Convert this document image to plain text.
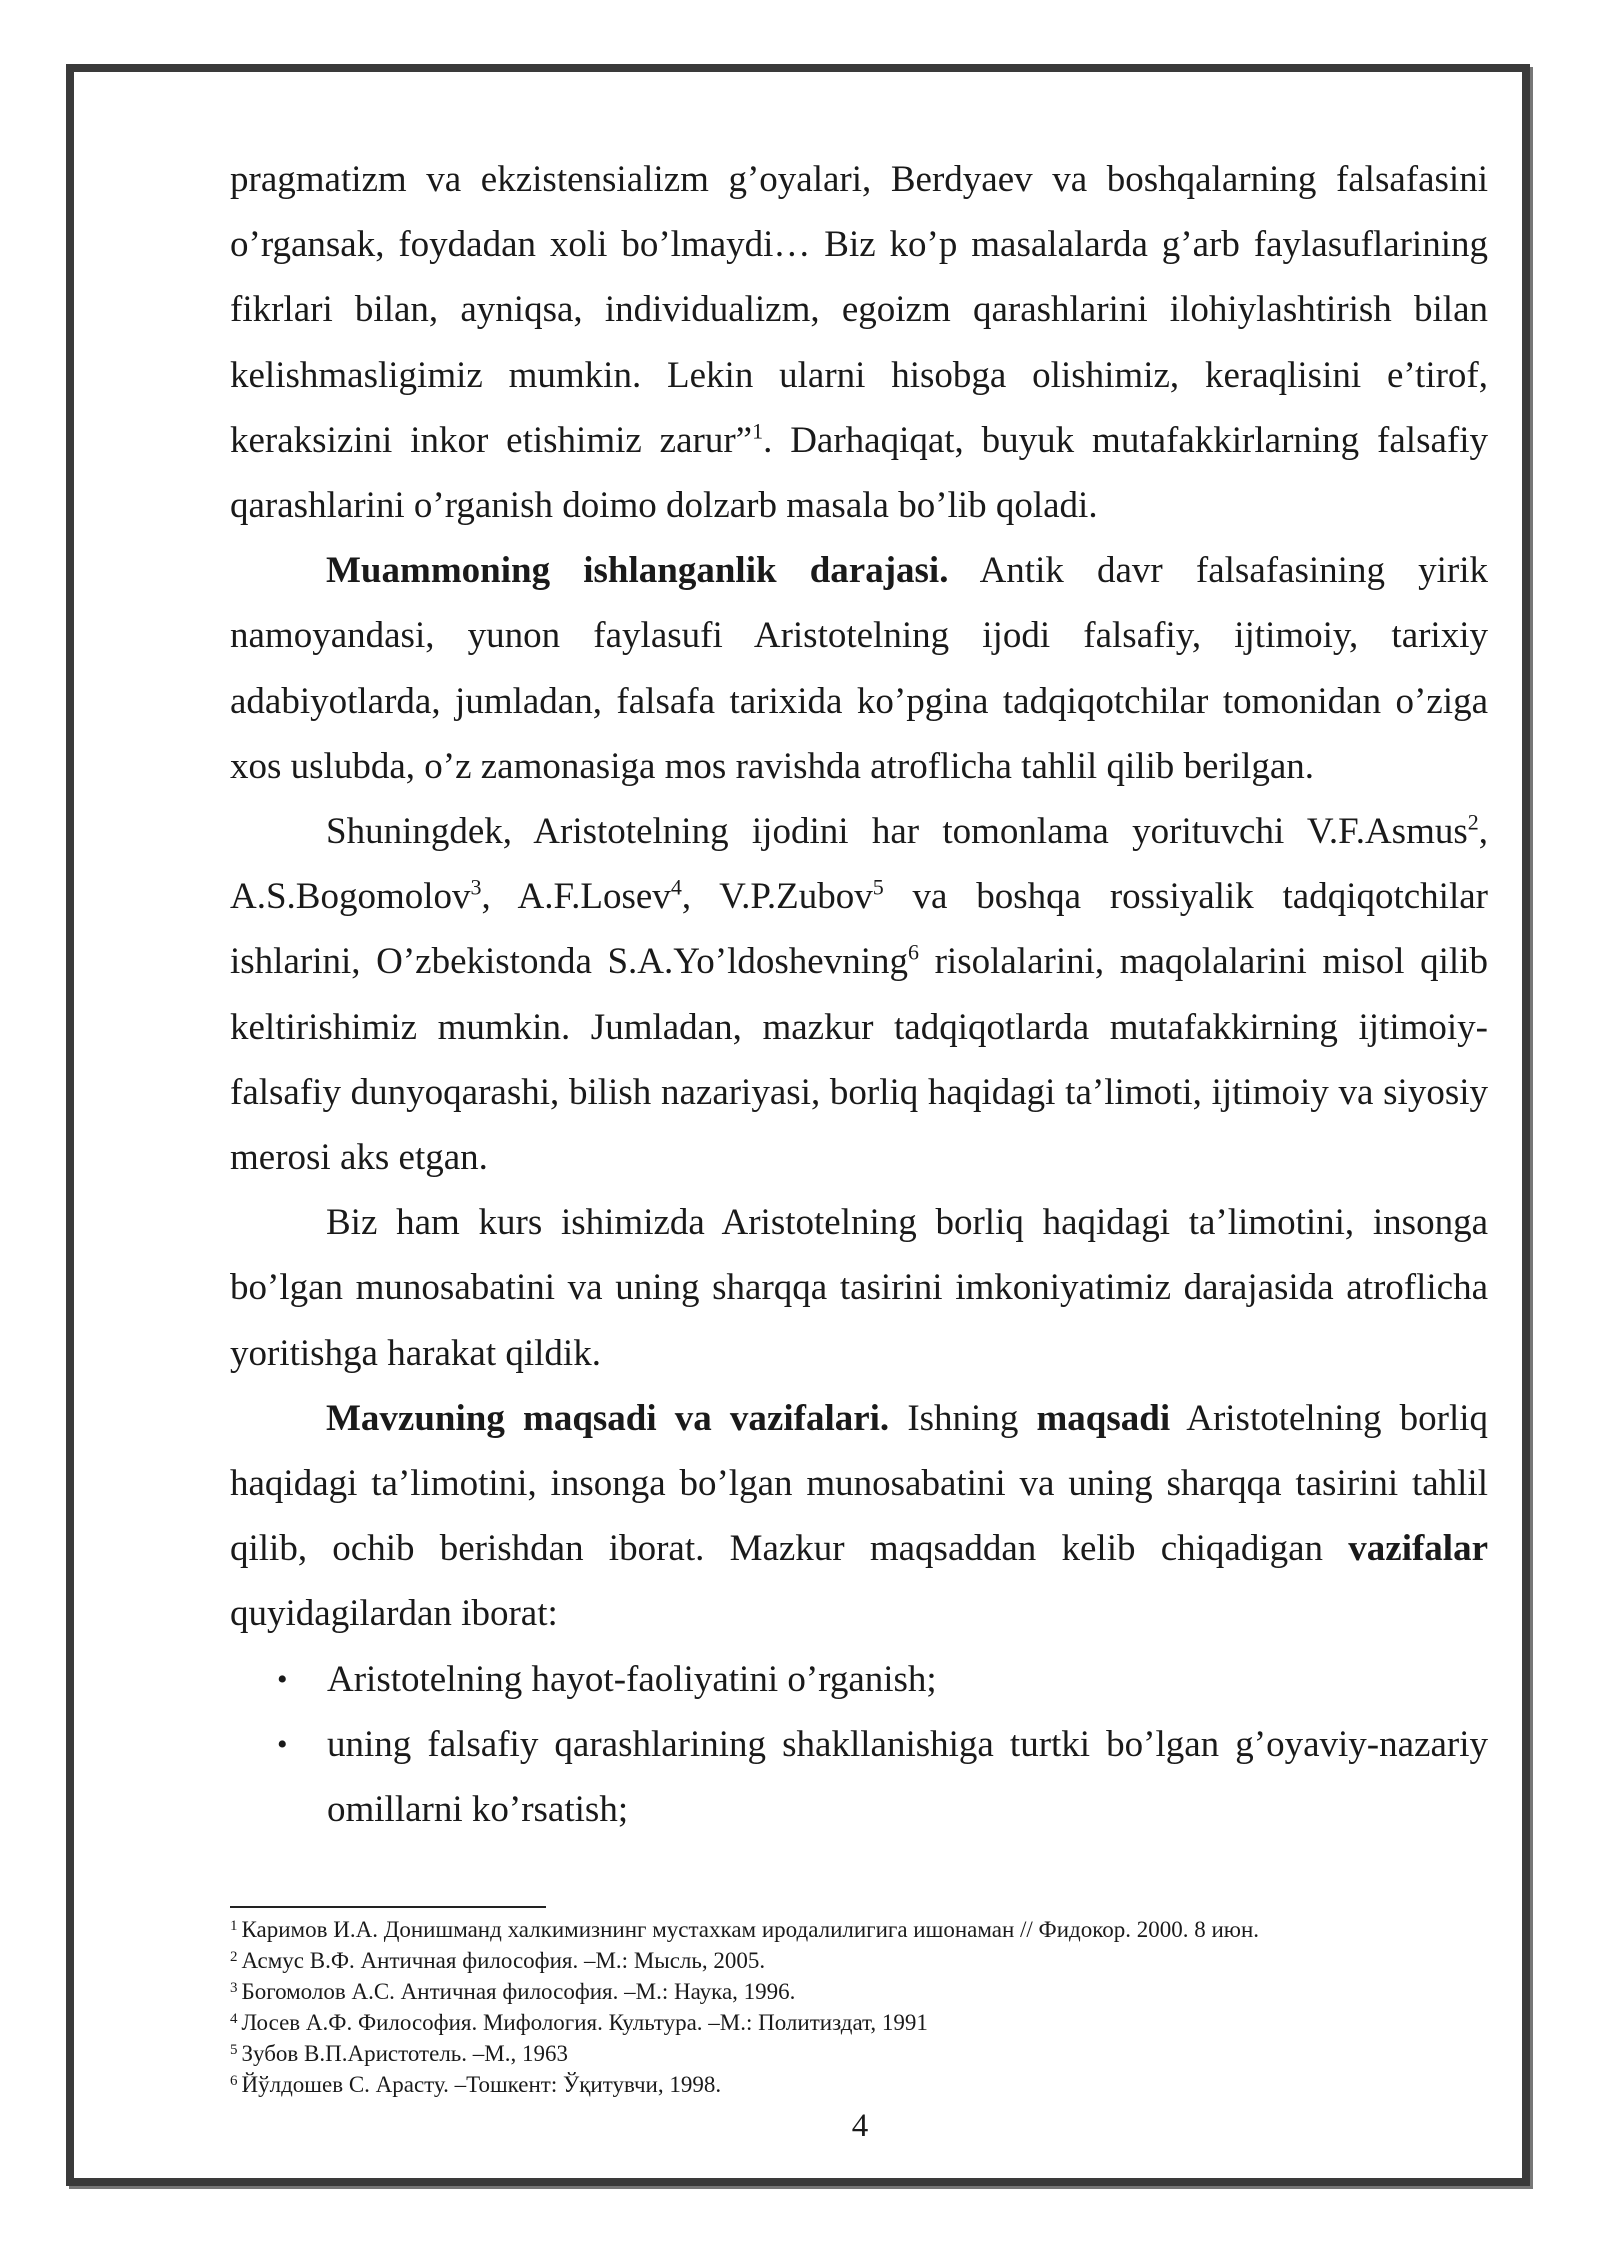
pragmatizm va ekzistensializm g’oyalari, Berdyaev va boshqalarning falsafasini o’rgansak, foydadan xoli bo’lmaydi… Biz ko’p masalalarda g’arb faylasuflarining fikrlari bilan, ayniqsa, individualizm, egoizm qarashlarini ilohiylashtirish bilan kelishmasligimiz mumkin. Lekin ularni hisobga olishimiz, keraqlisini e’tirof, keraksizini inkor etishimiz zarur”$^1$. Darhaqiqat, buyuk mutafakkirlarning falsafiy qarashlarini o’rganish doimo dolzarb masala bo’lib qoladi.

Muammoning ishlanganlik darajasi. Antik davr falsafasining yirik namoyandasi, yunon faylasufi Aristotelning ijodi falsafiy, ijtimoiy, tarixiy adabiyotlarda, jumladan, falsafa tarixida ko’pgina tadqiqotchilar tomonidan o’ziga xos uslubda, o’z zamonasiga mos ravishda atroflicha tahlil qilib berilgan.

Shuningdek, Aristotelning ijodini har tomonlama yorituvchi V.F.Asmus$^2$, A.S.Bogomolov$^3$, A.F.Losev$^4$, V.P.Zubov$^5$ va boshqa rossiyalik tadqiqotchilar ishlarini, O’zbekistonda S.A.Yo’ldoshevning$^6$ risolalarini, maqolalarini misol qilib keltirishimiz mumkin. Jumladan, mazkur tadqiqotlarda mutafakkirning ijtimoiy-falsafiy dunyoqarashi, bilish nazariyasi, borliq haqidagi ta’limoti, ijtimoiy va siyosiy merosi aks etgan.

Biz ham kurs ishimizda Aristotelning borliq haqidagi ta’limotini, insonga bo’lgan munosabatini va uning sharqqa tasirini imkoniyatimiz darajasida atroflicha yoritishga harakat qildik.

Mavzuning maqsadi va vazifalari. Ishning maqsadi Aristotelning borliq haqidagi ta’limotini, insonga bo’lgan munosabatini va uning sharqqa tasirini tahlil qilib, ochib berishdan iborat. Mazkur maqsaddan kelib chiqadigan vazifalar quyidagilardan iborat:

• Aristotelning hayot-faoliyatini o’rganish;
• uning falsafiy qarashlarining shakllanishiga turtki bo’lgan g’oyaviy-nazariy omillarni ko’rsatish;
$^1$ Каримов И.А. Донишманд халкимизнинг мустахкам иродалилигига ишонаман // Фидокор. 2000. 8 июн.
$^2$ Асмус В.Ф. Античная философия. –М.: Мысль, 2005.
$^3$ Богомолов А.С. Античная философия. –М.: Наука, 1996.
$^4$ Лосев А.Ф. Философия. Мифология. Культура. –М.: Политиздат, 1991
$^5$ Зубов В.П.Аристотель. –М., 1963
$^6$ Йўлдошев С. Арасту. –Тошкент: Ўқитувчи, 1998.
4
